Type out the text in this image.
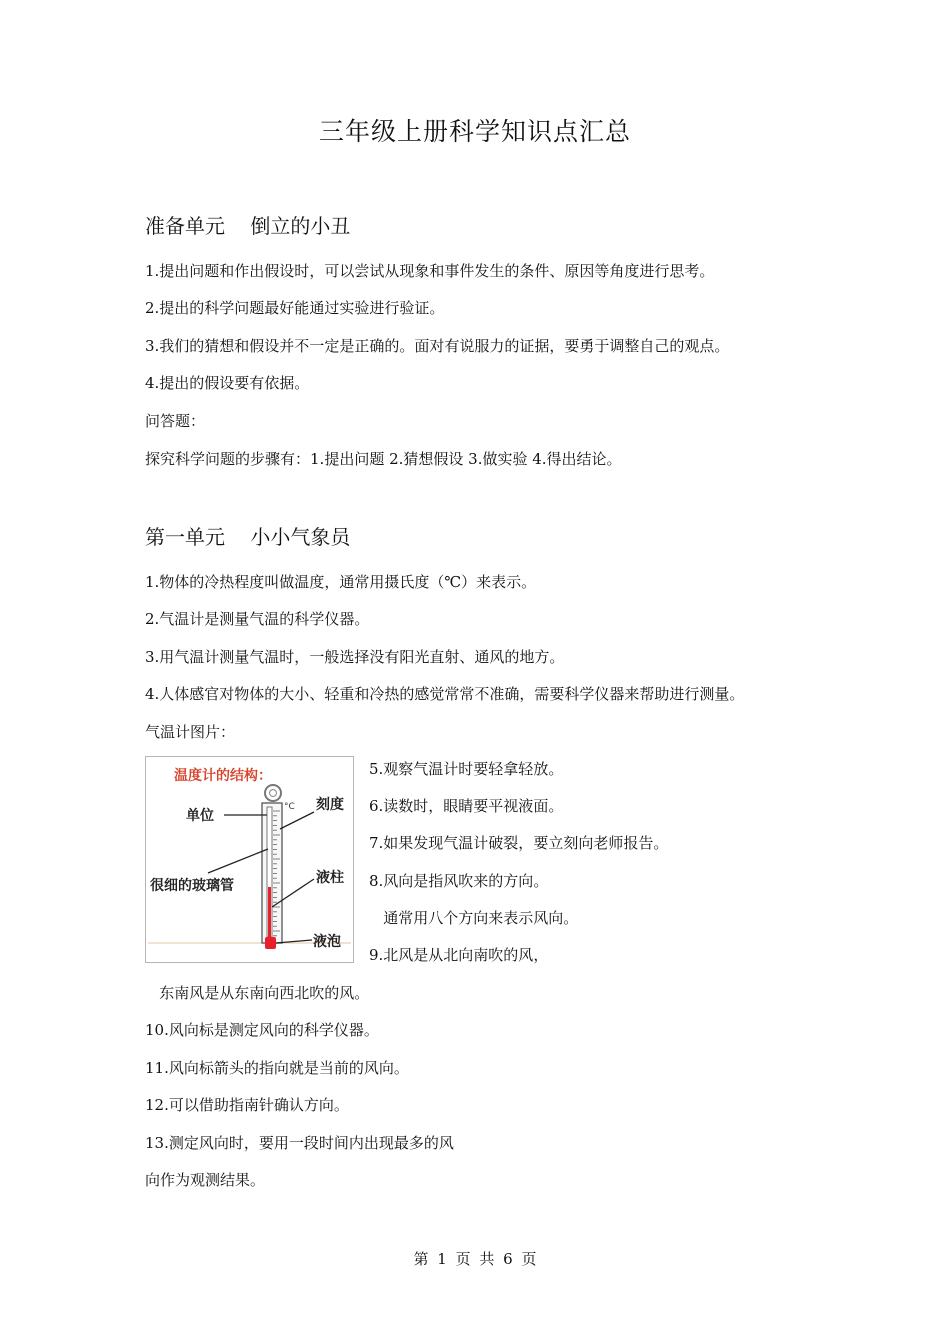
三年级上册科学知识点汇总
准备单元    倒立的小丑

1.提出问题和作出假设时，可以尝试从现象和事件发生的条件、原因等角度进行思考。

2.提出的科学问题最好能通过实验进行验证。

3.我们的猜想和假设并不一定是正确的。面对有说服力的证据，要勇于调整自己的观点。

4.提出的假设要有依据。

问答题：

探究科学问题的步骤有：1.提出问题 2.猜想假设 3.做实验 4.得出结论。

第一单元    小小气象员

1.物体的冷热程度叫做温度，通常用摄氏度（℃）来表示。

2.气温计是测量气温的科学仪器。

3.用气温计测量气温时，一般选择没有阳光直射、通风的地方。

4.人体感官对物体的大小、轻重和冷热的感觉常常不准确，需要科学仪器来帮助进行测量。

气温计图片：

°C
温度计的结构：
单位
刻度
很细的玻璃管	液柱
液泡

5.观察气温计时要轻拿轻放。

6.读数时，眼睛要平视液面。

7.如果发现气温计破裂，要立刻向老师报告。

8.风向是指风吹来的方向。

通常用八个方向来表示风向。

9.北风是从北向南吹的风，

东南风是从东南向西北吹的风。

10.风向标是测定风向的科学仪器。

11.风向标箭头的指向就是当前的风向。

12.可以借助指南针确认方向。

13.测定风向时，要用一段时间内出现最多的风

向作为观测结果。

第 1 页 共 6 页
